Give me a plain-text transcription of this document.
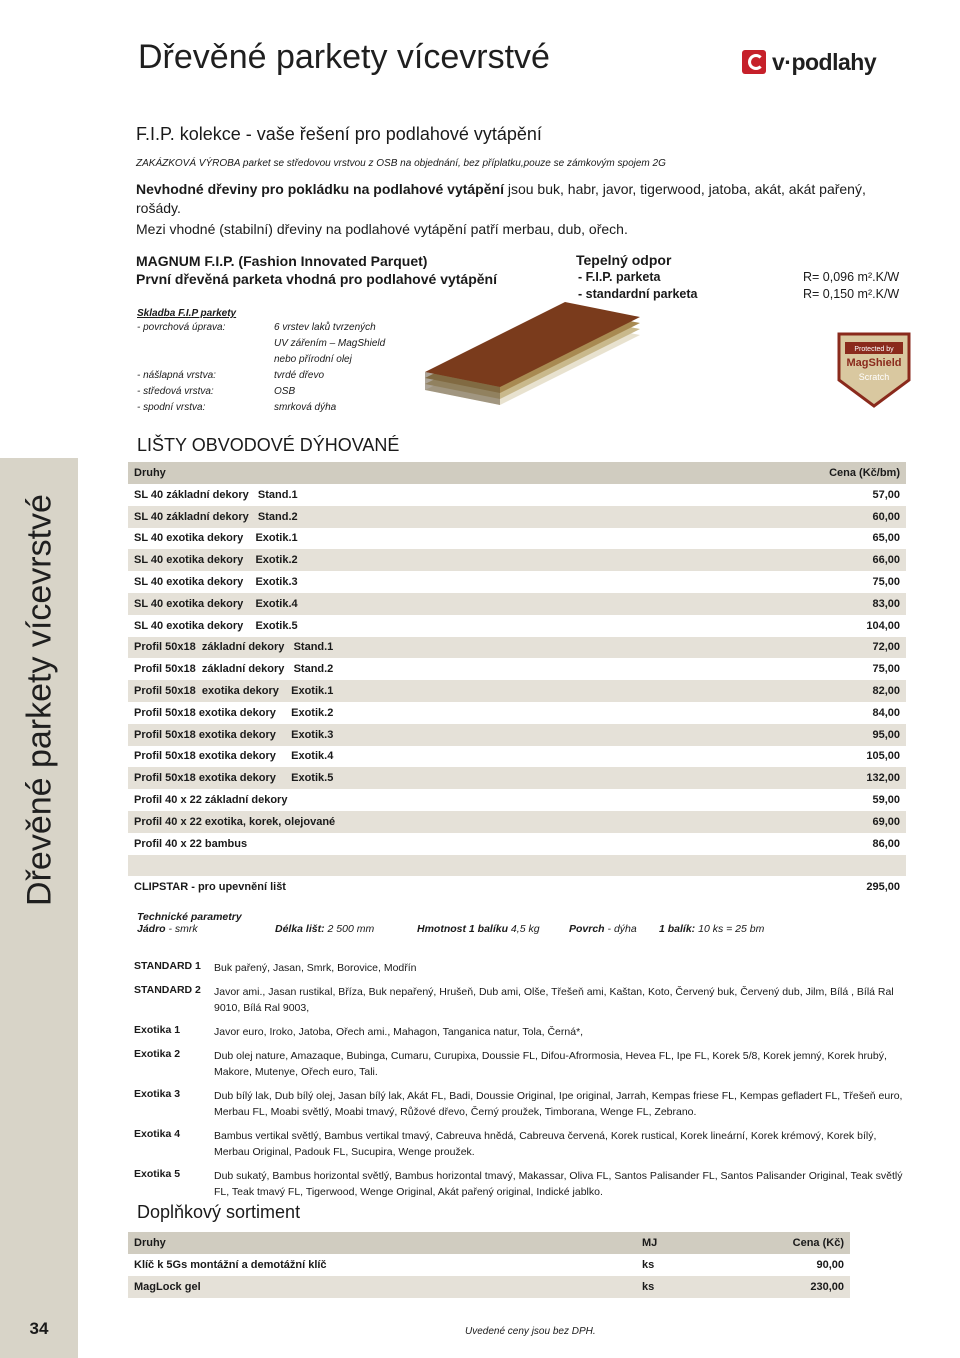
Dřevěné parkety vícevrstvé
34
Dřevěné parkety vícevrstvé	v·podlahy
F.I.P. kolekce - vaše řešení pro podlahové vytápění
ZAKÁZKOVÁ VÝROBA parket se středovou vrstvou z OSB na objednání, bez příplatku,pouze se zámkovým spojem 2G
Nevhodné dřeviny pro pokládku na podlahové vytápění jsou buk, habr, javor, tigerwood, jatoba, akát, akát pařený, rošády.
Mezi vhodné (stabilní) dřeviny na podlahové vytápění patří merbau, dub, ořech.
MAGNUM F.I.P. (Fashion Innovated Parquet)
První dřevěná parketa vhodná pro podlahové vytápění
Tepelný odpor
- F.I.P. parketa	R= 0,096 m².K/W
- standardní parketa	R= 0,150 m².K/W
Skladba F.I.P parkety
- povrchová úprava:	6 vrstev laků tvrzených
UV zářením – MagShield
nebo přírodní olej
- nášlapná vrstva:	tvrdé dřevo
- středová vrstva:	OSB
- spodní vrstva:	smrková dýha
Protected by
MagShield
Scratch
LIŠTY OBVODOVÉ DÝHOVANÉ
Druhy	Cena (Kč/bm)
SL 40 základní dekory   Stand.1	57,00
SL 40 základní dekory   Stand.2	60,00
SL 40 exotika dekory    Exotik.1	65,00
SL 40 exotika dekory    Exotik.2	66,00
SL 40 exotika dekory    Exotik.3	75,00
SL 40 exotika dekory    Exotik.4	83,00
SL 40 exotika dekory    Exotik.5	104,00
Profil 50x18  základní dekory   Stand.1	72,00
Profil 50x18  základní dekory   Stand.2	75,00
Profil 50x18  exotika dekory    Exotik.1	82,00
Profil 50x18 exotika dekory     Exotik.2	84,00
Profil 50x18 exotika dekory     Exotik.3	95,00
Profil 50x18 exotika dekory     Exotik.4	105,00
Profil 50x18 exotika dekory     Exotik.5	132,00
Profil 40 x 22 základní dekory	59,00
Profil 40 x 22 exotika, korek, olejované	69,00
Profil 40 x 22 bambus	86,00

CLIPSTAR - pro upevnění lišt	295,00
Technické parametry
Jádro - smrk	Délka lišt: 2 500 mm	Hmotnost 1 balíku 4,5 kg	Povrch - dýha 1 balík: 10 ks = 25 bm
STANDARD 1	Buk pařený, Jasan, Smrk, Borovice, Modřín
STANDARD 2	Javor ami., Jasan rustikal, Bříza, Buk nepařený, Hrušeň, Dub ami, Olše, Třešeň ami, Kaštan, Koto, Červený buk, Červený dub, Jilm, Bílá , Bílá Ral 9010, Bílá Ral 9003,
Exotika 1	Javor euro, Iroko, Jatoba, Ořech ami., Mahagon, Tanganica natur, Tola, Černá*,
Exotika 2	Dub olej nature, Amazaque, Bubinga, Cumaru, Curupixa, Doussie FL, Difou-Afrormosia, Hevea FL, Ipe FL, Korek 5/8, Korek jemný, Korek hrubý, Makore, Mutenye, Ořech euro, Tali.
Exotika 3	Dub bílý lak, Dub bílý olej, Jasan bílý lak, Akát FL, Badi, Doussie Original, Ipe original, Jarrah, Kempas friese FL, Kempas gefladert FL, Třešeň euro, Merbau FL, Moabi světlý, Moabi tmavý, Růžové dřevo, Černý proužek, Timborana, Wenge FL, Zebrano.
Exotika 4	Bambus vertikal světlý, Bambus vertikal tmavý, Cabreuva hnědá, Cabreuva červená, Korek rustical, Korek lineární, Korek krémový, Korek bílý, Merbau Original, Padouk FL, Sucupira, Wenge proužek.
Exotika 5	Dub sukatý, Bambus horizontal světlý, Bambus horizontal tmavý, Makassar, Oliva FL, Santos Palisander FL, Santos Palisander Original, Teak světlý FL, Teak tmavý FL, Tigerwood, Wenge Original, Akát pařený original, Indické jablko.
Doplňkový sortiment
Druhy	MJ	Cena (Kč)
Klíč k 5Gs montážní a demotážní klíč	ks	90,00
MagLock gel	ks	230,00
Uvedené ceny jsou bez DPH.
